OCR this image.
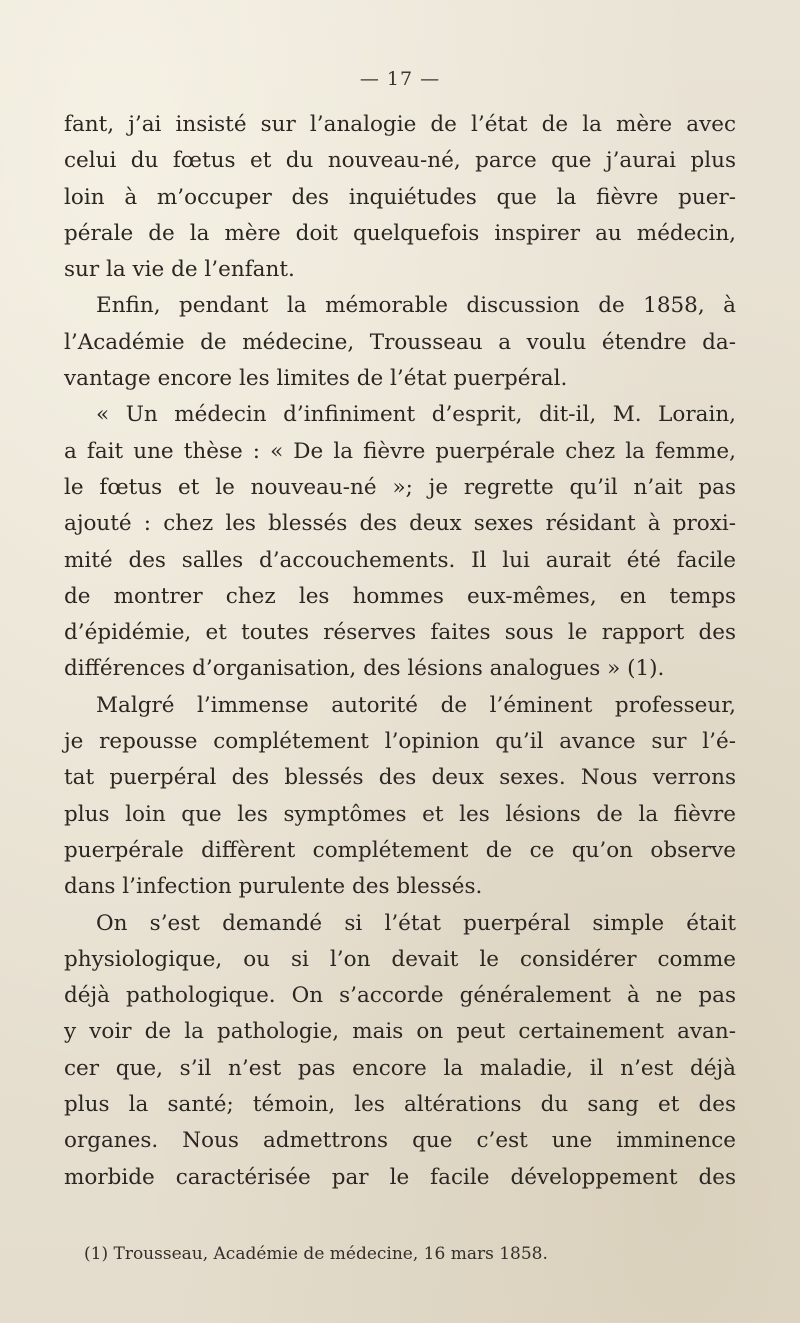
— 17 —
fant, j’ai insisté sur l’analogie de l’état de la mère avec
celui du fœtus et du nouveau-né, parce que j’aurai plus
loin à m’occuper des inquiétudes que la fièvre puer-
pérale de la mère doit quelquefois inspirer au médecin,
sur la vie de l’enfant.
Enfin, pendant la mémorable discussion de 1858, à
l’Académie de médecine, Trousseau a voulu étendre da-
vantage encore les limites de l’état puerpéral.
« Un médecin d’infiniment d’esprit, dit-il, M. Lorain,
a fait une thèse : « De la fièvre puerpérale chez la femme,
le fœtus et le nouveau-né »; je regrette qu’il n’ait pas
ajouté : chez les blessés des deux sexes résidant à proxi-
mité des salles d’accouchements. Il lui aurait été facile
de montrer chez les hommes eux-mêmes, en temps
d’épidémie, et toutes réserves faites sous le rapport des
différences d’organisation, des lésions analogues » (1).
Malgré l’immense autorité de l’éminent professeur,
je repousse complétement l’opinion qu’il avance sur l’é-
tat puerpéral des blessés des deux sexes. Nous verrons
plus loin que les symptômes et les lésions de la fièvre
puerpérale diffèrent complétement de ce qu’on observe
dans l’infection purulente des blessés.
On s’est demandé si l’état puerpéral simple était
physiologique, ou si l’on devait le considérer comme
déjà pathologique. On s’accorde généralement à ne pas
y voir de la pathologie, mais on peut certainement avan-
cer que, s’il n’est pas encore la maladie, il n’est déjà
plus la santé; témoin, les altérations du sang et des
organes. Nous admettrons que c’est une imminence
morbide caractérisée par le facile développement des
(1) Trousseau, Académie de médecine, 16 mars 1858.
